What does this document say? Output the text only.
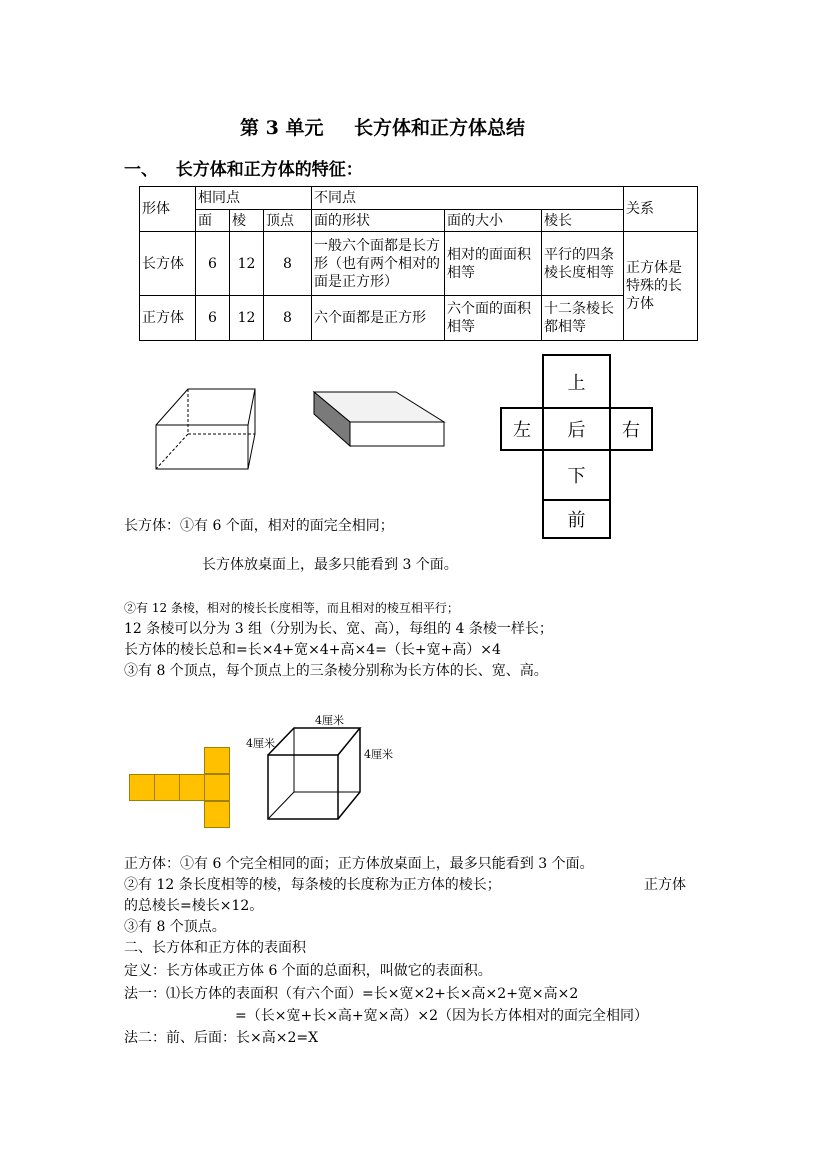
第 3 单元 长方体和正方体总结
一、   长方体和正方体的特征：
形体	相同点			不同点			关系
	面	棱	顶点	面的形状	面的大小	棱长	
长方体	6	12	8	一般六个面都是长方形（也有两个相对的面是正方形）	相对的面面积相等	平行的四条棱长度相等	正方体是特殊的长方体
正方体	6	12	8	六个面都是正方形	六个面的面积相等	十二条棱长都相等	
上
左	后	右
下
前
长方体：①有 6 个面，相对的面完全相同；
长方体放桌面上，最多只能看到 3 个面。
②有 12 条棱，相对的棱长长度相等，而且相对的棱互相平行；
12 条棱可以分为 3 组（分别为长、宽、高），每组的 4 条棱一样长；
长方体的棱长总和=长×4+宽×4+高×4=（长+宽+高）×4
③有 8 个顶点，每个顶点上的三条棱分别称为长方体的长、宽、高。
4厘米
4厘米
4厘米
正方体：①有 6 个完全相同的面；正方体放桌面上，最多只能看到 3 个面。
②有 12 条长度相等的棱，每条棱的长度称为正方体的棱长；	正方体
的总棱长=棱长×12。
③有 8 个顶点。
二、长方体和正方体的表面积
定义：长方体或正方体 6 个面的总面积，叫做它的表面积。
法一：⑴长方体的表面积（有六个面）=长×宽×2+长×高×2+宽×高×2
=（长×宽+长×高+宽×高）×2（因为长方体相对的面完全相同）
法二：前、后面：长×高×2=X
